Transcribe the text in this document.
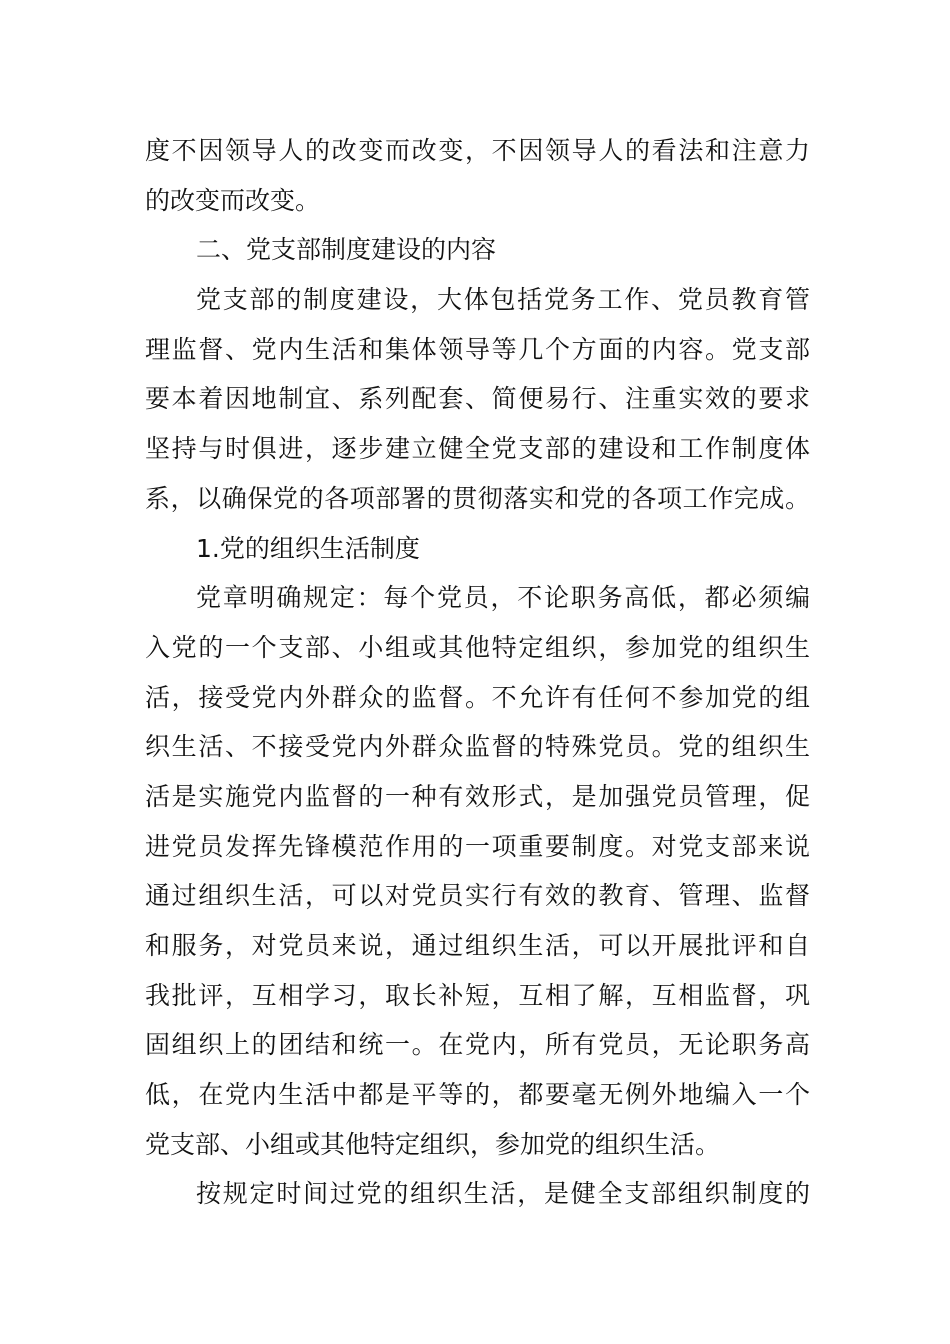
度不因领导人的改变而改变，不因领导人的看法和注意力
的改变而改变。
二、党支部制度建设的内容
党支部的制度建设，大体包括党务工作、党员教育管
理监督、党内生活和集体领导等几个方面的内容。党支部
要本着因地制宜、系列配套、简便易行、注重实效的要求
坚持与时俱进，逐步建立健全党支部的建设和工作制度体
系，以确保党的各项部署的贯彻落实和党的各项工作完成。
1.党的组织生活制度
党章明确规定：每个党员，不论职务高低，都必须编
入党的一个支部、小组或其他特定组织，参加党的组织生
活，接受党内外群众的监督。不允许有任何不参加党的组
织生活、不接受党内外群众监督的特殊党员。党的组织生
活是实施党内监督的一种有效形式，是加强党员管理，促
进党员发挥先锋模范作用的一项重要制度。对党支部来说
通过组织生活，可以对党员实行有效的教育、管理、监督
和服务，对党员来说，通过组织生活，可以开展批评和自
我批评，互相学习，取长补短，互相了解，互相监督，巩
固组织上的团结和统一。在党内，所有党员，无论职务高
低，在党内生活中都是平等的，都要毫无例外地编入一个
党支部、小组或其他特定组织，参加党的组织生活。
按规定时间过党的组织生活，是健全支部组织制度的
